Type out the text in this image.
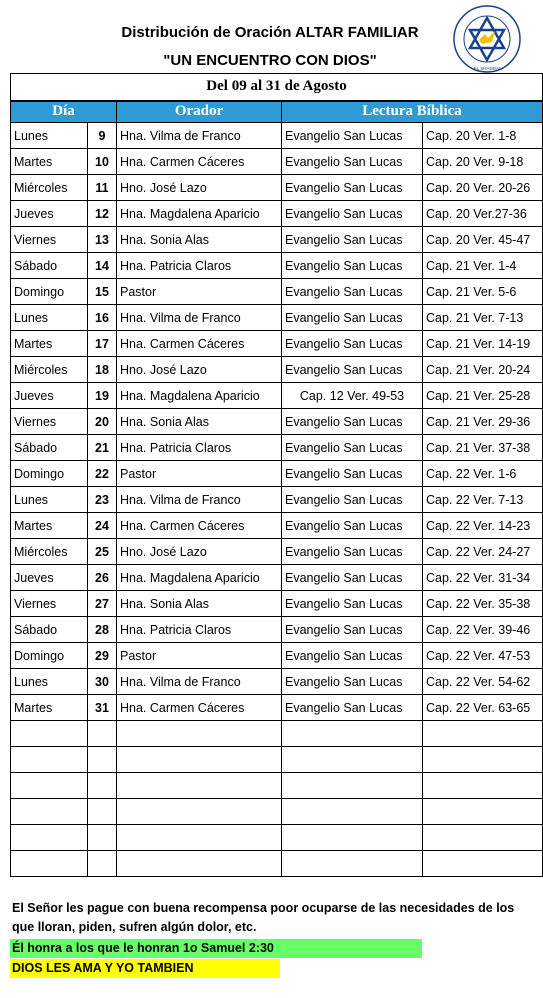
Distribución de Oración ALTAR FAMILIAR
"UN ENCUENTRO CON DIOS"	EL SHADDAI
Del 09 al 31 de Agosto				
Día		Orador	Lectura Bíblica	
Lunes	9	Hna. Vilma de Franco	Evangelio San Lucas	Cap. 20 Ver. 1-8
Martes	10	Hna. Carmen Cáceres	Evangelio San Lucas	Cap. 20 Ver. 9-18
Miércoles	11	Hno. José Lazo	Evangelio San Lucas	Cap. 20 Ver. 20-26
Jueves	12	Hna. Magdalena Aparicio	Evangelio San Lucas	Cap. 20 Ver.27-36
Viernes	13	Hna. Sonia Alas	Evangelio San Lucas	Cap. 20 Ver. 45-47
Sábado	14	Hna. Patricia Claros	Evangelio San Lucas	Cap. 21 Ver. 1-4
Domingo	15	Pastor	Evangelio San Lucas	Cap. 21 Ver. 5-6
Lunes	16	Hna. Vilma de Franco	Evangelio San Lucas	Cap. 21 Ver. 7-13
Martes	17	Hna. Carmen Cáceres	Evangelio San Lucas	Cap. 21 Ver. 14-19
Miércoles	18	Hno. José Lazo	Evangelio San Lucas	Cap. 21 Ver. 20-24
Jueves	19	Hna. Magdalena Aparicio	Cap. 12 Ver. 49-53	Cap. 21 Ver. 25-28
Viernes	20	Hna. Sonia Alas	Evangelio San Lucas	Cap. 21 Ver. 29-36
Sábado	21	Hna. Patricia Claros	Evangelio San Lucas	Cap. 21 Ver. 37-38
Domingo	22	Pastor	Evangelio San Lucas	Cap. 22 Ver. 1-6
Lunes	23	Hna. Vilma de Franco	Evangelio San Lucas	Cap. 22 Ver. 7-13
Martes	24	Hna. Carmen Cáceres	Evangelio San Lucas	Cap. 22 Ver. 14-23
Miércoles	25	Hno. José Lazo	Evangelio San Lucas	Cap. 22 Ver. 24-27
Jueves	26	Hna. Magdalena Aparicio	Evangelio San Lucas	Cap. 22 Ver. 31-34
Viernes	27	Hna. Sonia Alas	Evangelio San Lucas	Cap. 22 Ver. 35-38
Sábado	28	Hna. Patricia Claros	Evangelio San Lucas	Cap. 22 Ver. 39-46
Domingo	29	Pastor	Evangelio San Lucas	Cap. 22 Ver. 47-53
Lunes	30	Hna. Vilma de Franco	Evangelio San Lucas	Cap. 22 Ver. 54-62
Martes	31	Hna. Carmen Cáceres	Evangelio San Lucas	Cap. 22 Ver. 63-65

El Señor les pague con buena recompensa poor ocuparse de las necesidades de los que lloran, piden, sufren algún dolor, etc.
Él honra a los que le honran 1o Samuel 2:30
DIOS LES AMA Y YO TAMBIEN
